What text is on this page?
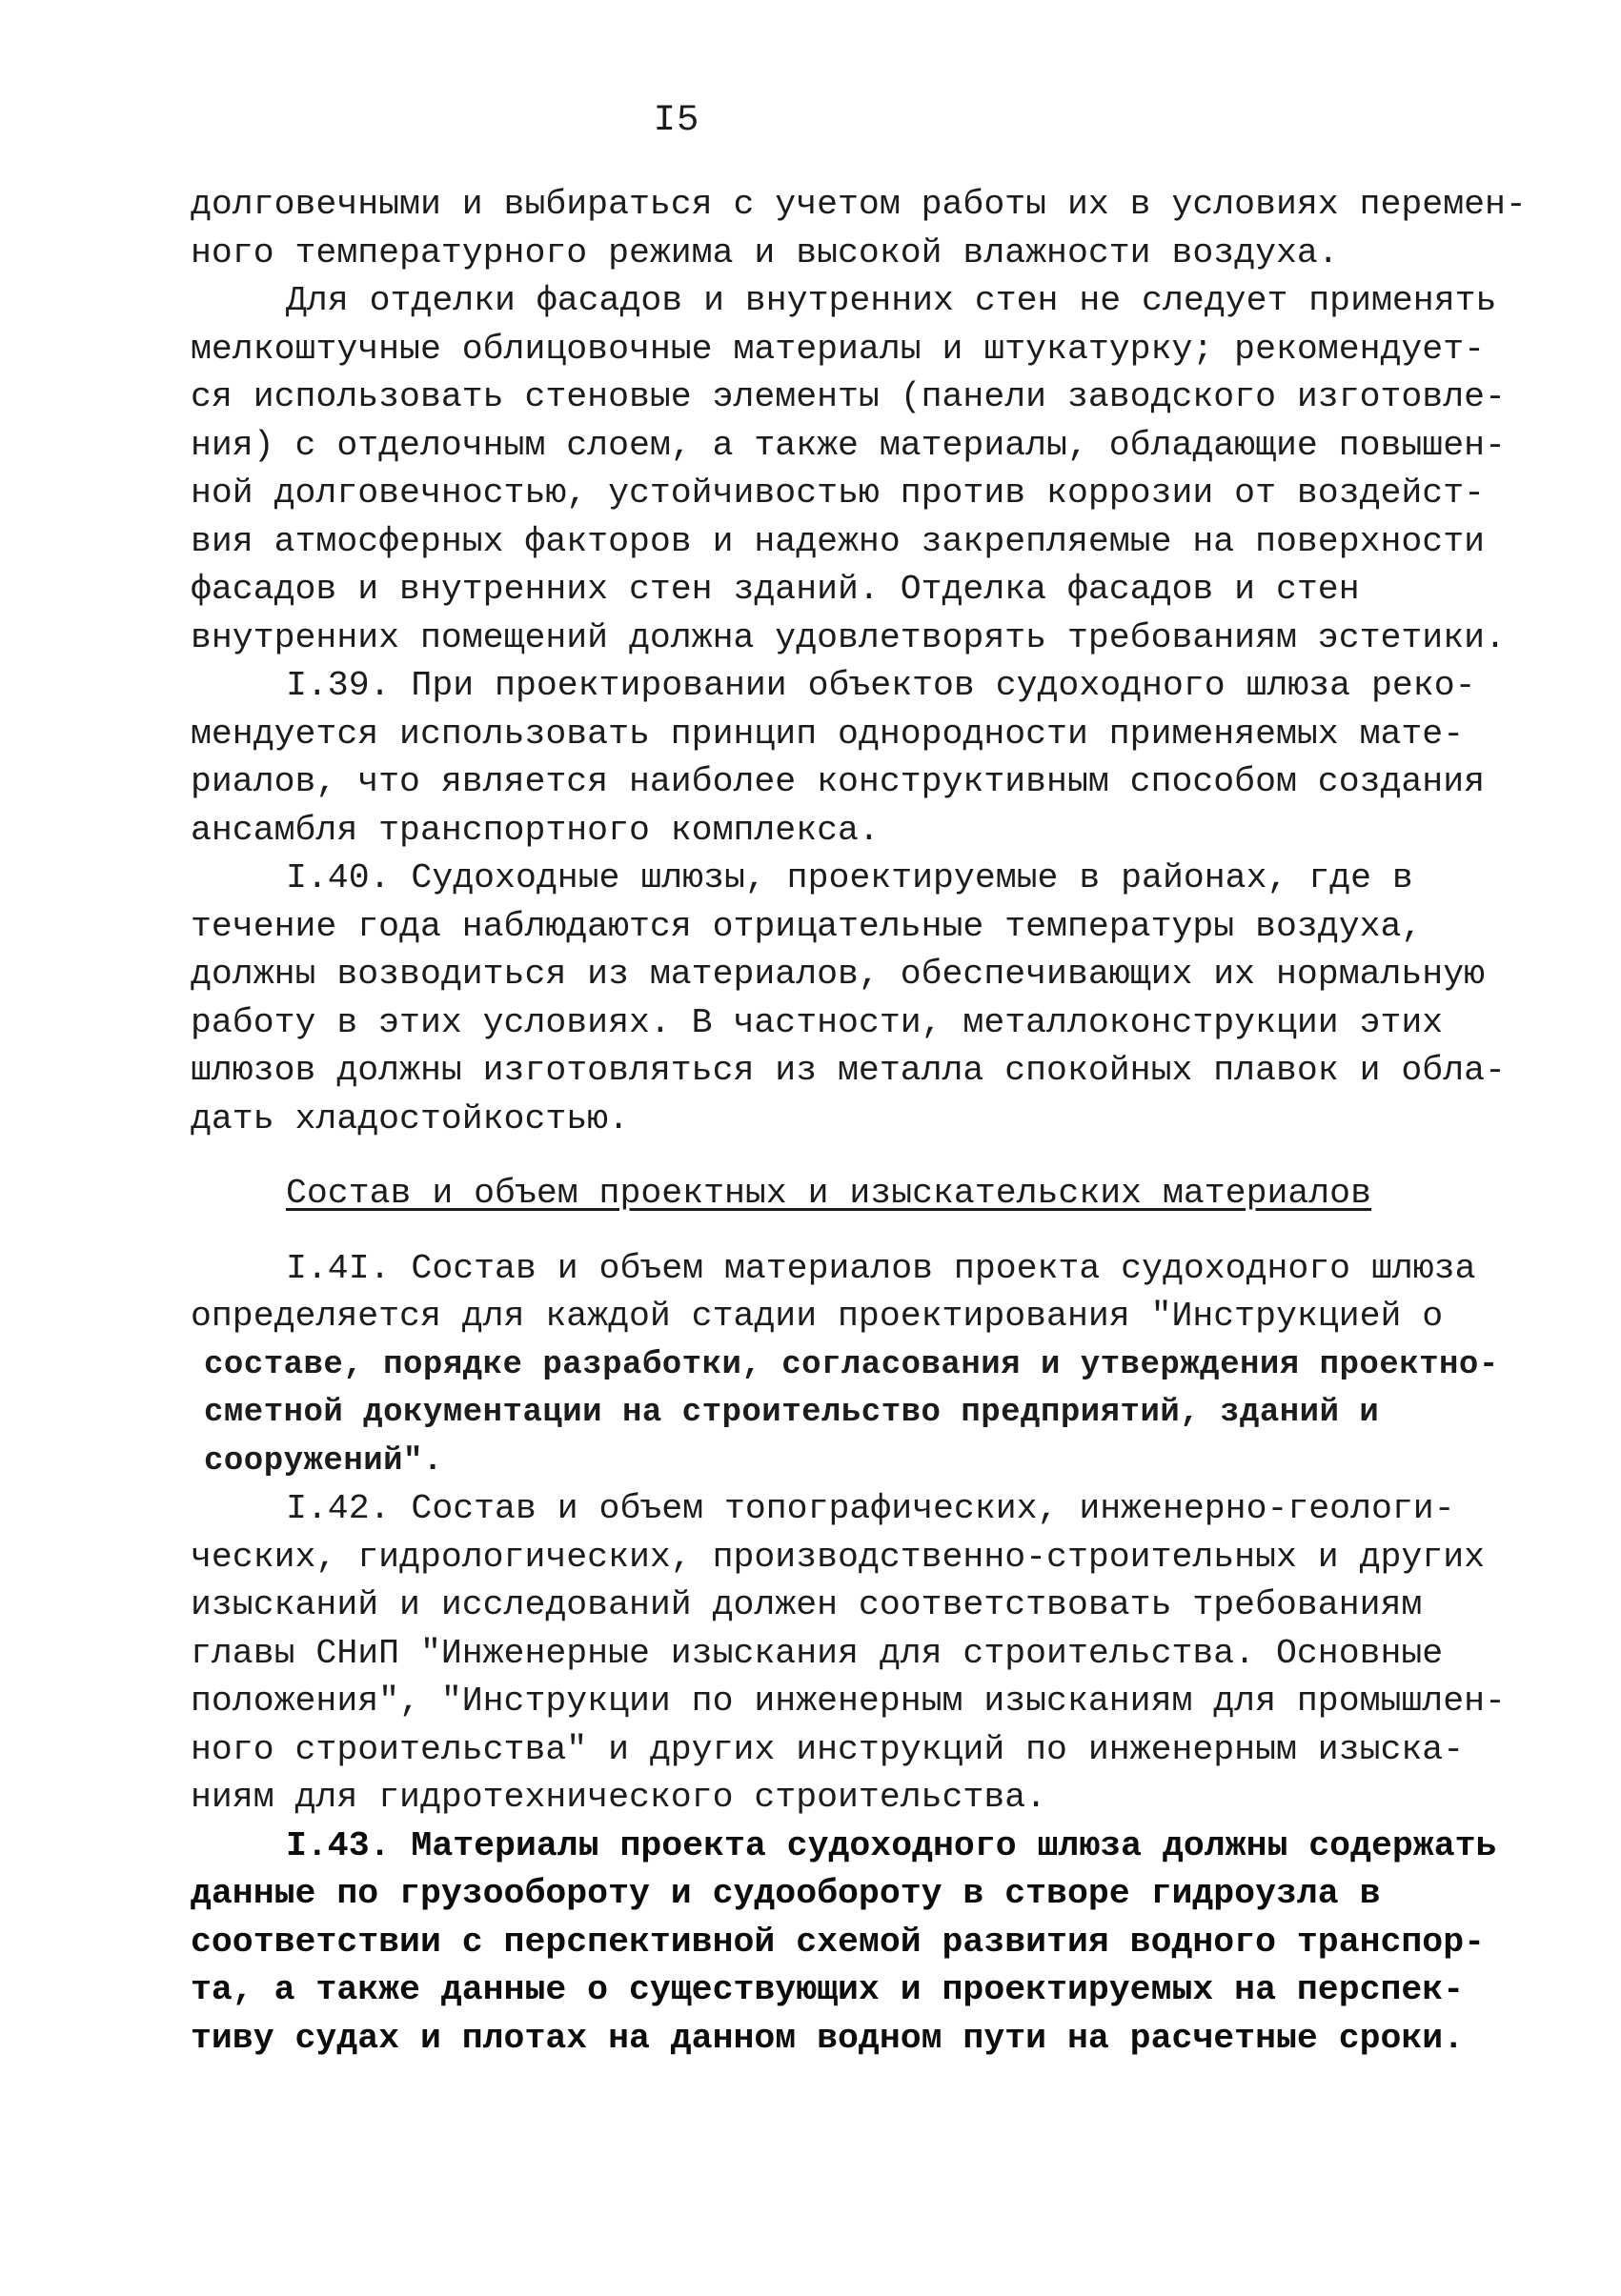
I5
долговечными и выбираться с учетом работы их в условиях перемен-
ного температурного режима и высокой влажности воздуха.
Для отделки фасадов и внутренних стен не следует применять
мелкоштучные облицовочные материалы и штукатурку; рекомендует-
ся использовать стеновые элементы (панели заводского изготовле-
ния) с отделочным слоем, а также материалы, обладающие повышен-
ной долговечностью, устойчивостью против коррозии от воздейст-
вия атмосферных факторов и надежно закрепляемые на поверхности
фасадов и внутренних стен зданий. Отделка фасадов и стен
внутренних помещений должна удовлетворять требованиям эстетики.
I.39. При проектировании объектов судоходного шлюза реко-
мендуется использовать принцип однородности применяемых мате-
риалов, что является наиболее конструктивным способом создания
ансамбля транспортного комплекса.
I.40. Судоходные шлюзы, проектируемые в районах, где в
течение года наблюдаются отрицательные температуры воздуха,
должны возводиться из материалов, обеспечивающих их нормальную
работу в этих условиях. В частности, металлоконструкции этих
шлюзов должны изготовляться из металла спокойных плавок и обла-
дать хладостойкостью.
Состав и объем проектных и изыскательских материалов
I.4I. Состав и объем материалов проекта судоходного шлюза
определяется для каждой стадии проектирования "Инструкцией о
составе, порядке разработки, согласования и утверждения проектно-
сметной документации на строительство предприятий, зданий и
сооружений".
I.42. Состав и объем топографических, инженерно-геологи-
ческих, гидрологических, производственно-строительных и других
изысканий и исследований должен соответствовать требованиям
главы СНиП "Инженерные изыскания для строительства. Основные
положения", "Инструкции по инженерным изысканиям для промышлен-
ного строительства" и других инструкций по инженерным изыска-
ниям для гидротехнического строительства.
I.43. Материалы проекта судоходного шлюза должны содержать
данные по грузообороту и судообороту в створе гидроузла в
соответствии с перспективной схемой развития водного транспор-
та, а также данные о существующих и проектируемых на перспек-
тиву судах и плотах на данном водном пути на расчетные сроки.
